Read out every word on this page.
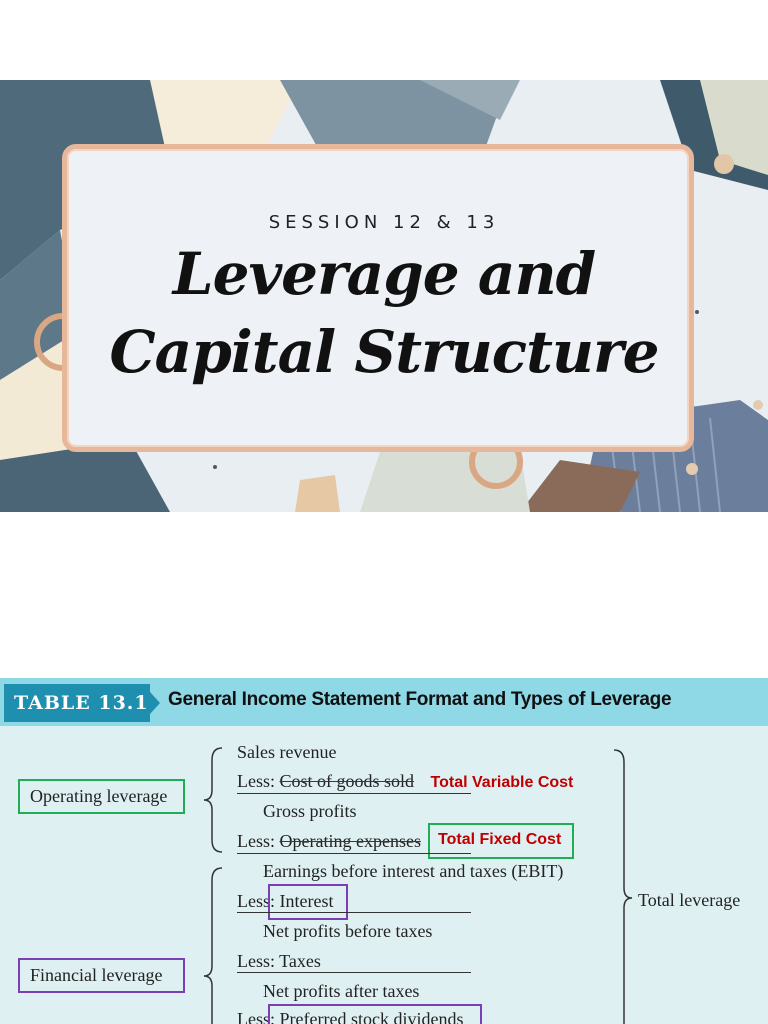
SESSION 12 & 13
Leverage and
Capital Structure
TABLE 13.1 General Income Statement Format and Types of Leverage
Sales revenue
Less: Cost of goods sold Total Variable Cost
Gross profits
Less: Operating expenses Total Fixed Cost
Earnings before interest and taxes (EBIT)
Less: Interest
Net profits before taxes
Less: Taxes
Net profits after taxes
Less: Preferred stock dividends
Operating leverage
Financial leverage
Total leverage
